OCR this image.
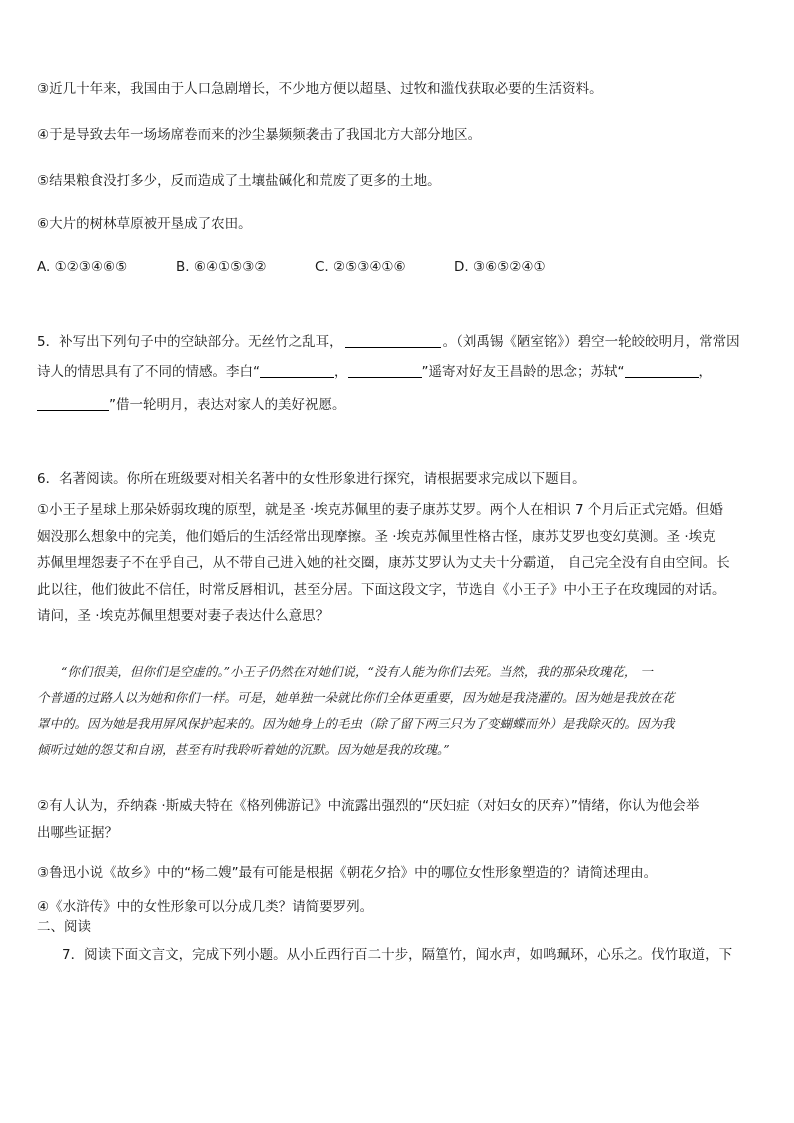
③近几十年来，我国由于人口急剧增长，不少地方便以超垦、过牧和滥伐获取必要的生活资料。
④于是导致去年一场场席卷而来的沙尘暴频频袭击了我国北方大部分地区。
⑤结果粮食没打多少，反而造成了土壤盐碱化和荒废了更多的土地。
⑥大片的树林草原被开垦成了农田。
A. ①②③④⑥⑤	B. ⑥④①⑤③②	C. ②⑤③④①⑥	D. ③⑥⑤②④①
5．补写出下列句子中的空缺部分。无丝竹之乱耳，	。（刘禹锡《陋室铭》）碧空一轮皎皎明月，常常因
诗人的情思具有了不同的情感。李白“	，	”遥寄对好友王昌龄的思念；苏轼“	，
”借一轮明月，表达对家人的美好祝愿。
6．名著阅读。你所在班级要对相关名著中的女性形象进行探究，请根据要求完成以下题目。

①小王子星球上那朵娇弱玫瑰的原型，就是圣 ·埃克苏佩里的妻子康苏艾罗。两个人在相识 7 个月后正式完婚。但婚

姻没那么想象中的完美，他们婚后的生活经常出现摩擦。圣 ·埃克苏佩里性格古怪，康苏艾罗也变幻莫测。圣 ·埃克

苏佩里埋怨妻子不在乎自己，从不带自己进入她的社交圈，康苏艾罗认为丈夫十分霸道， 自己完全没有自由空间。长

此以往，他们彼此不信任，时常反唇相讥，甚至分居。下面这段文字，节选自《小王子》中小王子在玫瑰园的对话。

请问，圣 ·埃克苏佩里想要对妻子表达什么意思？

“你们很美，但你们是空虚的。”小王子仍然在对她们说，“没有人能为你们去死。当然，我的那朵玫瑰花， 一

个普通的过路人以为她和你们一样。可是，她单独一朵就比你们全体更重要，因为她是我浇灌的。因为她是我放在花

罩中的。因为她是我用屏风保护起来的。因为她身上的毛虫（除了留下两三只为了变蝴蝶而外）是我除灭的。因为我

倾听过她的怨艾和自诩，甚至有时我聆听着她的沉默。因为她是我的玫瑰。”

②有人认为，乔纳森 ·斯威夫特在《格列佛游记》中流露出强烈的“厌妇症（对妇女的厌弃）”情绪，你认为他会举

出哪些证据？

③鲁迅小说《故乡》中的“杨二嫂”最有可能是根据《朝花夕拾》中的哪位女性形象塑造的？请简述理由。
④《水浒传》中的女性形象可以分成几类？请简要罗列。
二、阅读
7．阅读下面文言文，完成下列小题。从小丘西行百二十步，隔篁竹，闻水声，如鸣珮环，心乐之。伐竹取道，下
